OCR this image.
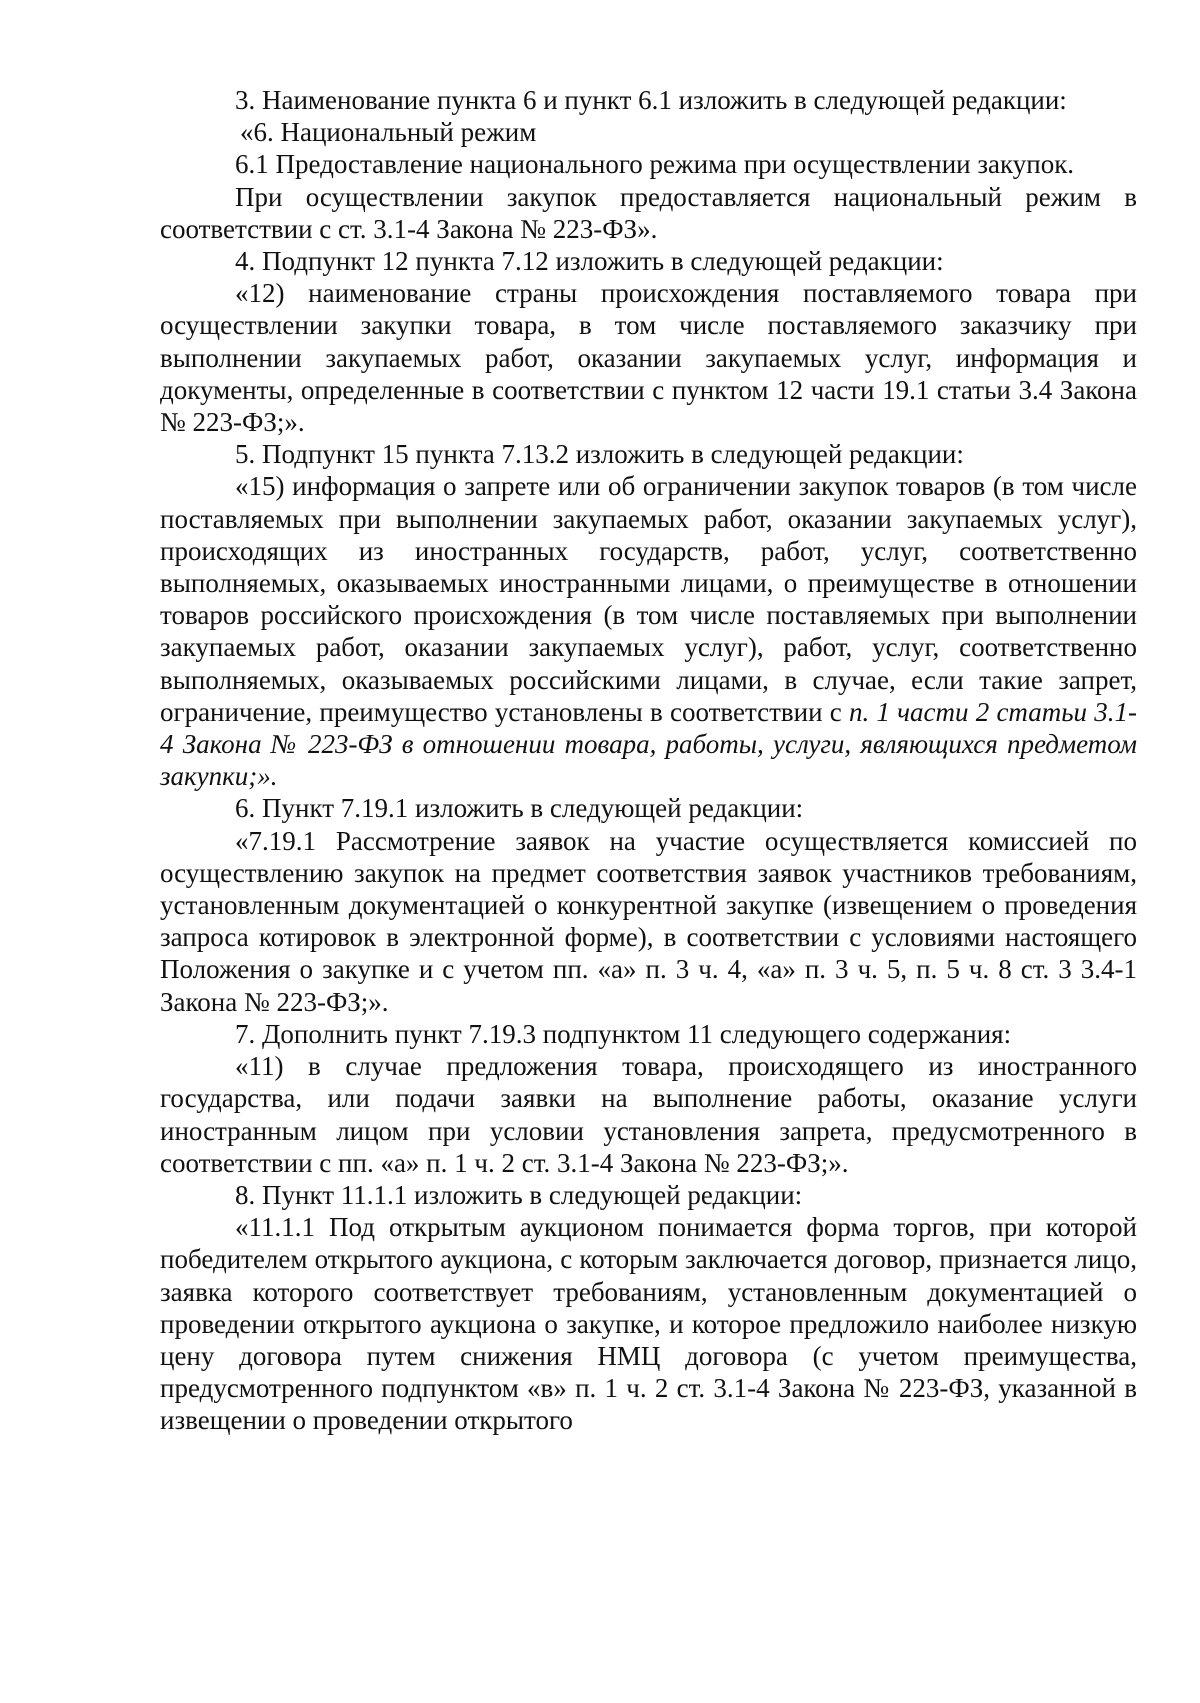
3. Наименование пункта 6 и пункт 6.1 изложить в следующей редакции:

«6. Национальный режим

6.1 Предоставление национального режима при осуществлении закупок.

При осуществлении закупок предоставляется национальный режим в соответствии с ст. 3.1-4 Закона № 223-ФЗ».

4. Подпункт 12 пункта 7.12 изложить в следующей редакции:

«12) наименование страны происхождения поставляемого товара при осуществлении закупки товара, в том числе поставляемого заказчику при выполнении закупаемых работ, оказании закупаемых услуг, информация и документы, определенные в соответствии с пунктом 12 части 19.1 статьи 3.4 Закона № 223-ФЗ;».

5. Подпункт 15 пункта 7.13.2 изложить в следующей редакции:

«15) информация о запрете или об ограничении закупок товаров (в том числе поставляемых при выполнении закупаемых работ, оказании закупаемых услуг), происходящих из иностранных государств, работ, услуг, соответственно выполняемых, оказываемых иностранными лицами, о преимуществе в отношении товаров российского происхождения (в том числе поставляемых при выполнении закупаемых работ, оказании закупаемых услуг), работ, услуг, соответственно выполняемых, оказываемых российскими лицами, в случае, если такие запрет, ограничение, преимущество установлены в соответствии с п. 1 части 2 статьи 3.1-4 Закона № 223-ФЗ в отношении товара, работы, услуги, являющихся предметом закупки;».

6. Пункт 7.19.1 изложить в следующей редакции:

«7.19.1 Рассмотрение заявок на участие осуществляется комиссией по осуществлению закупок на предмет соответствия заявок участников требованиям, установленным документацией о конкурентной закупке (извещением о проведения запроса котировок в электронной форме), в соответствии с условиями настоящего Положения о закупке и с учетом пп. «а» п. 3 ч. 4, «а» п. 3 ч. 5, п. 5 ч. 8 ст. 3 3.4-1 Закона № 223-ФЗ;».

7. Дополнить пункт 7.19.3 подпунктом 11 следующего содержания:

«11) в случае предложения товара, происходящего из иностранного государства, или подачи заявки на выполнение работы, оказание услуги иностранным лицом при условии установления запрета, предусмотренного в соответствии с пп. «а» п. 1 ч. 2 ст. 3.1-4 Закона № 223-ФЗ;».

8. Пункт 11.1.1 изложить в следующей редакции:

«11.1.1 Под открытым аукционом понимается форма торгов, при которой победителем открытого аукциона, с которым заключается договор, признается лицо, заявка которого соответствует требованиям, установленным документацией о проведении открытого аукциона о закупке, и которое предложило наиболее низкую цену договора путем снижения НМЦ договора (с учетом преимущества, предусмотренного подпунктом «в» п. 1 ч. 2 ст. 3.1-4 Закона № 223-ФЗ, указанной в извещении о проведении открытого
